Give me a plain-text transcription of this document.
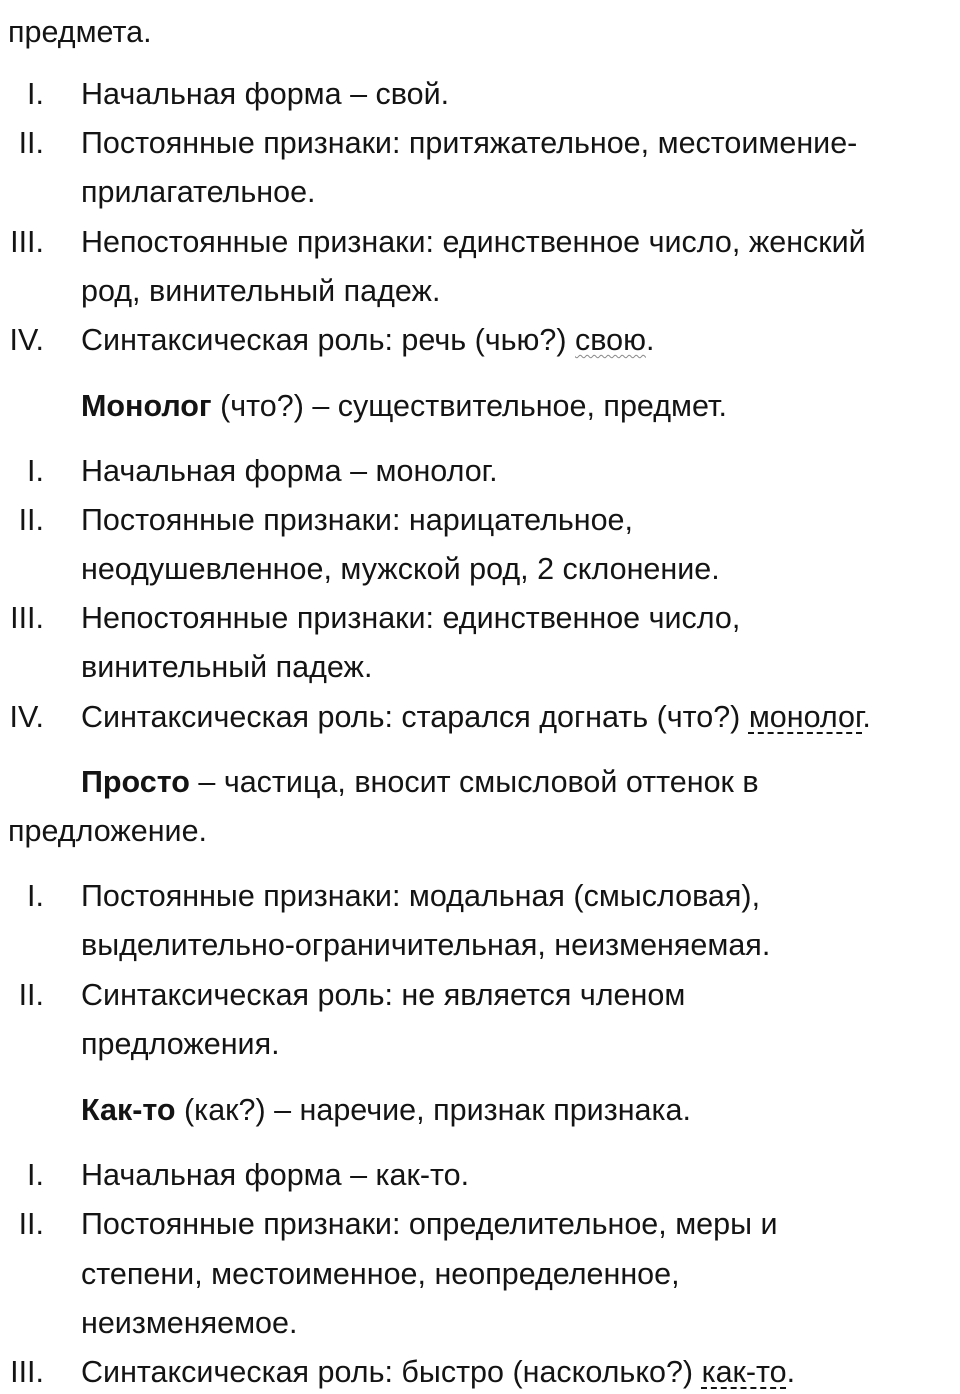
предмета.
I. Начальная форма – свой.
II. Постоянные признаки: притяжательное, местоимение-
прилагательное.
III. Непостоянные признаки: единственное число, женский
род, винительный падеж.
IV. Синтаксическая роль: речь (чью?) свою.
Монолог (что?) – существительное, предмет.
I. Начальная форма – монолог.
II. Постоянные признаки: нарицательное,
неодушевленное, мужской род, 2 склонение.
III. Непостоянные признаки: единственное число,
винительный падеж.
IV. Синтаксическая роль: старался догнать (что?) монолог.
Просто – частица, вносит смысловой оттенок в
предложение.
I. Постоянные признаки: модальная (смысловая),
выделительно-ограничительная, неизменяемая.
II. Синтаксическая роль: не является членом
предложения.
Как-то (как?) – наречие, признак признака.
I. Начальная форма – как-то.
II. Постоянные признаки: определительное, меры и
степени, местоименное, неопределенное,
неизменяемое.
III. Синтаксическая роль: быстро (насколько?) как-то.
